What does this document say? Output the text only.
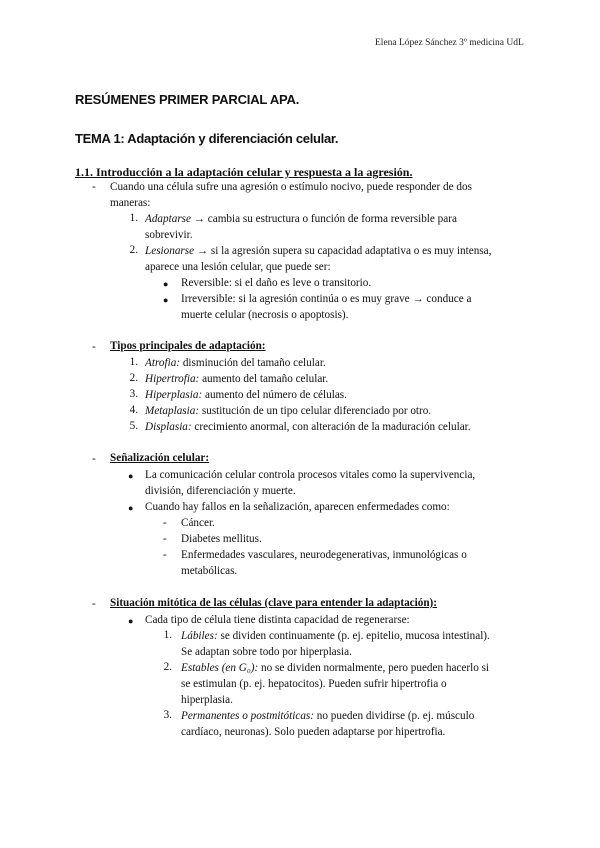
Elena López Sánchez 3º medicina UdL
RESÚMENES PRIMER PARCIAL APA.
TEMA 1: Adaptación y diferenciación celular.
1.1. Introducción a la adaptación celular y respuesta a la agresión.
- Cuando una célula sufre una agresión o estímulo nocivo, puede responder de dos
maneras:
1. Adaptarse → cambia su estructura o función de forma reversible para
sobrevivir.
2. Lesionarse → si la agresión supera su capacidad adaptativa o es muy intensa,
aparece una lesión celular, que puede ser:
● Reversible: si el daño es leve o transitorio.
● Irreversible: si la agresión continúa o es muy grave → conduce a
muerte celular (necrosis o apoptosis).
- Tipos principales de adaptación:
1. Atrofia: disminución del tamaño celular.
2. Hipertrofia: aumento del tamaño celular.
3. Hiperplasia: aumento del número de células.
4. Metaplasia: sustitución de un tipo celular diferenciado por otro.
5. Displasia: crecimiento anormal, con alteración de la maduración celular.
- Señalización celular:
● La comunicación celular controla procesos vitales como la supervivencia,
división, diferenciación y muerte.
● Cuando hay fallos en la señalización, aparecen enfermedades como:
- Cáncer.
- Diabetes mellitus.
- Enfermedades vasculares, neurodegenerativas, inmunológicas o
metabólicas.
- Situación mitótica de las células (clave para entender la adaptación):
● Cada tipo de célula tiene distinta capacidad de regenerarse:
1. Lábiles: se dividen continuamente (p. ej. epitelio, mucosa intestinal).
Se adaptan sobre todo por hiperplasia.
2. Estables (en G₀): no se dividen normalmente, pero pueden hacerlo si
se estimulan (p. ej. hepatocitos). Pueden sufrir hipertrofia o
hiperplasia.
3. Permanentes o postmitóticas: no pueden dividirse (p. ej. músculo
cardíaco, neuronas). Solo pueden adaptarse por hipertrofia.
